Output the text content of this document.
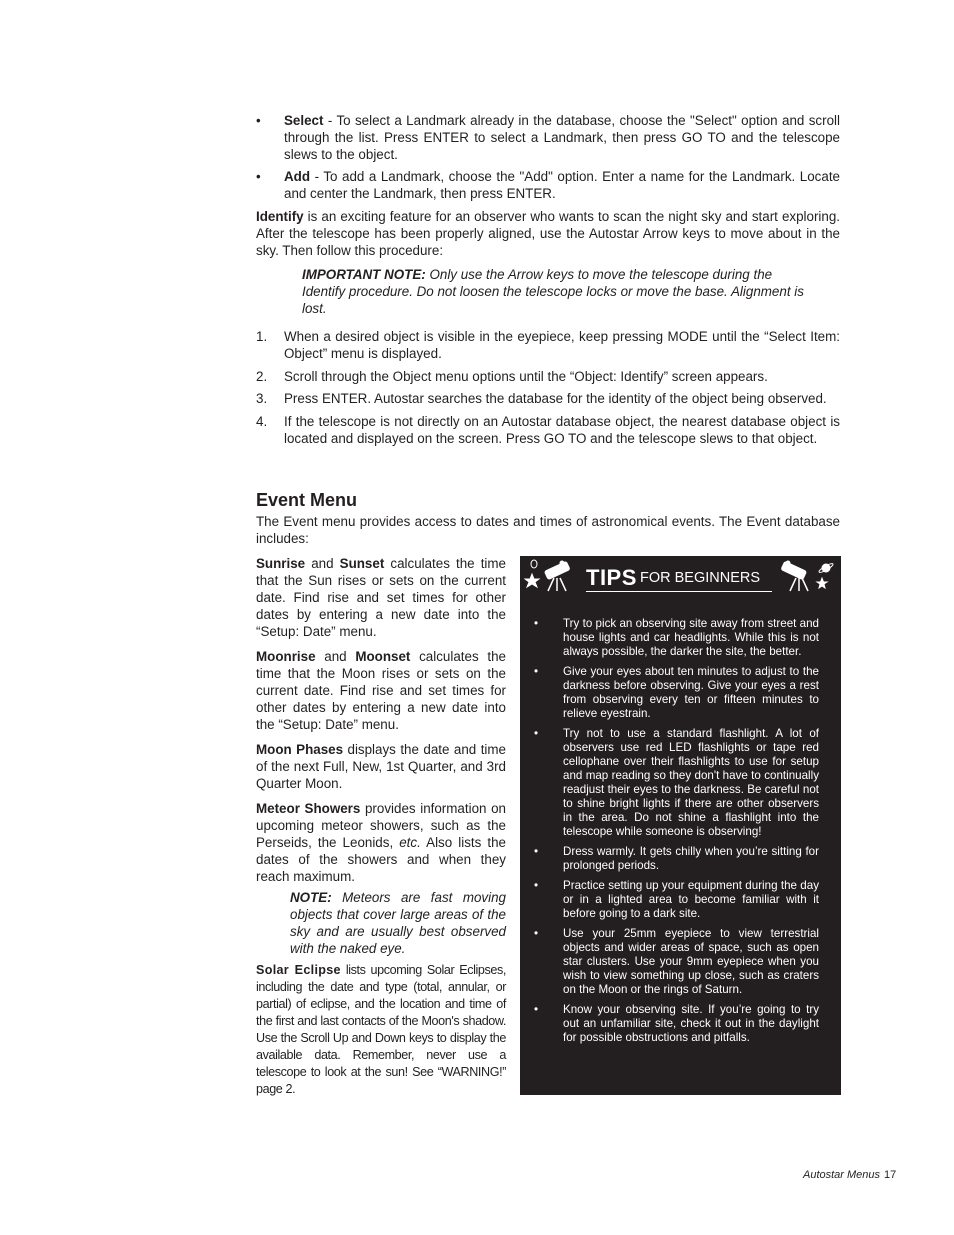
• Select - To select a Landmark already in the database, choose the "Select" option and scroll through the list. Press ENTER to select a Landmark, then press GO TO and the telescope slews to the object.
• Add - To add a Landmark, choose the "Add" option. Enter a name for the Landmark. Locate and center the Landmark, then press ENTER.

Identify is an exciting feature for an observer who wants to scan the night sky and start exploring. After the telescope has been properly aligned, use the Autostar Arrow keys to move about in the sky. Then follow this procedure:

IMPORTANT NOTE: Only use the Arrow keys to move the telescope during the Identify procedure. Do not loosen the telescope locks or move the base. Alignment is lost.
1. When a desired object is visible in the eyepiece, keep pressing MODE until the “Select Item: Object” menu is displayed.
2. Scroll through the Object menu options until the “Object: Identify” screen appears.
3. Press ENTER. Autostar searches the database for the identity of the object being observed.
4. If the telescope is not directly on an Autostar database object, the nearest database object is located and displayed on the screen. Press GO TO and the telescope slews to that object.
Event Menu

The Event menu provides access to dates and times of astronomical events. The Event database includes:

Sunrise and Sunset calculates the time that the Sun rises or sets on the current date. Find rise and set times for other dates by entering a new date into the “Setup: Date” menu.

Moonrise and Moonset calculates the time that the Moon rises or sets on the current date. Find rise and set times for other dates by entering a new date into the “Setup: Date” menu.

Moon Phases displays the date and time of the next Full, New, 1st Quarter, and 3rd Quarter Moon.

Meteor Showers provides information on upcoming meteor showers, such as the Perseids, the Leonids, etc. Also lists the dates of the showers and when they reach maximum.

NOTE: Meteors are fast moving objects that cover large areas of the sky and are usually best observed with the naked eye.

Solar Eclipse lists upcoming Solar Eclipses, including the date and type (total, annular, or partial) of eclipse, and the location and time of the first and last contacts of the Moon's shadow. Use the Scroll Up and Down keys to display the available data. Remember, never use a telescope to look at the sun! See “WARNING!” page 2.

TIPS FOR BEGINNERS
• Try to pick an observing site away from street and house lights and car headlights. While this is not always possible, the darker the site, the better.
• Give your eyes about ten minutes to adjust to the darkness before observing. Give your eyes a rest from observing every ten or fifteen minutes to relieve eyestrain.
• Try not to use a standard flashlight. A lot of observers use red LED flashlights or tape red cellophane over their flashlights to use for setup and map reading so they don't have to continually readjust their eyes to the darkness. Be careful not to shine bright lights if there are other observers in the area. Do not shine a flashlight into the telescope while someone is observing!
• Dress warmly. It gets chilly when you’re sitting for prolonged periods.
• Practice setting up your equipment during the day or in a lighted area to become familiar with it before going to a dark site.
• Use your 25mm eyepiece to view terrestrial objects and wider areas of space, such as open star clusters. Use your 9mm eyepiece when you wish to view something up close, such as craters on the Moon or the rings of Saturn.
• Know your observing site. If you’re going to try out an unfamiliar site, check it out in the daylight for possible obstructions and pitfalls.
Autostar Menus 17
